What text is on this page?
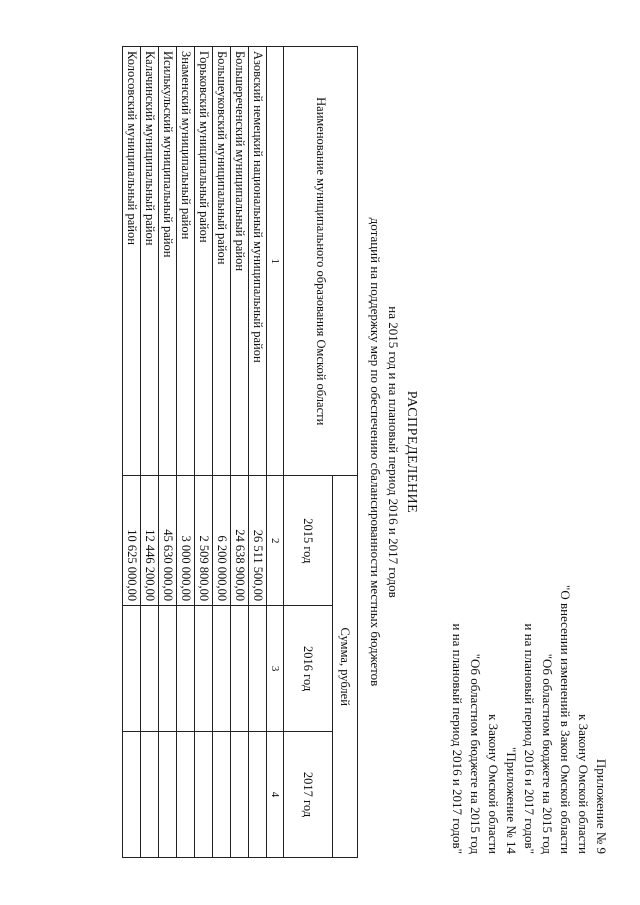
Приложение № 9
к Закону Омской области
"О внесении изменений в Закон Омской области
"Об областном бюджете на 2015 год
и на плановый период 2016 и 2017 годов"
"Приложение № 14
к Закону Омской области
"Об областном бюджете на 2015 год
и на плановый период 2016 и 2017 годов"
РАСПРЕДЕЛЕНИЕ
на 2015 год и на плановый период 2016 и 2017 годов
дотаций на поддержку мер по обеспечению сбалансированности местных бюджетов
Наименование муниципального образования Омской области	Сумма, рублей		
	2015 год	2016 год	2017 год
1	2	3	4
Азовский немецкий национальный муниципальный район	26 511 500,00		
Большереченский муниципальный район	24 638 900,00		
Большеуковский муниципальный район	6 200 000,00		
Горьковский муниципальный район	2 509 800,00		
Знаменский муниципальный район	3 000 000,00		
Исилькульский муниципальный район	45 630 000,00		
Калачинский муниципальный район	12 446 200,00		
Колосовский муниципальный район	10 625 000,00		
